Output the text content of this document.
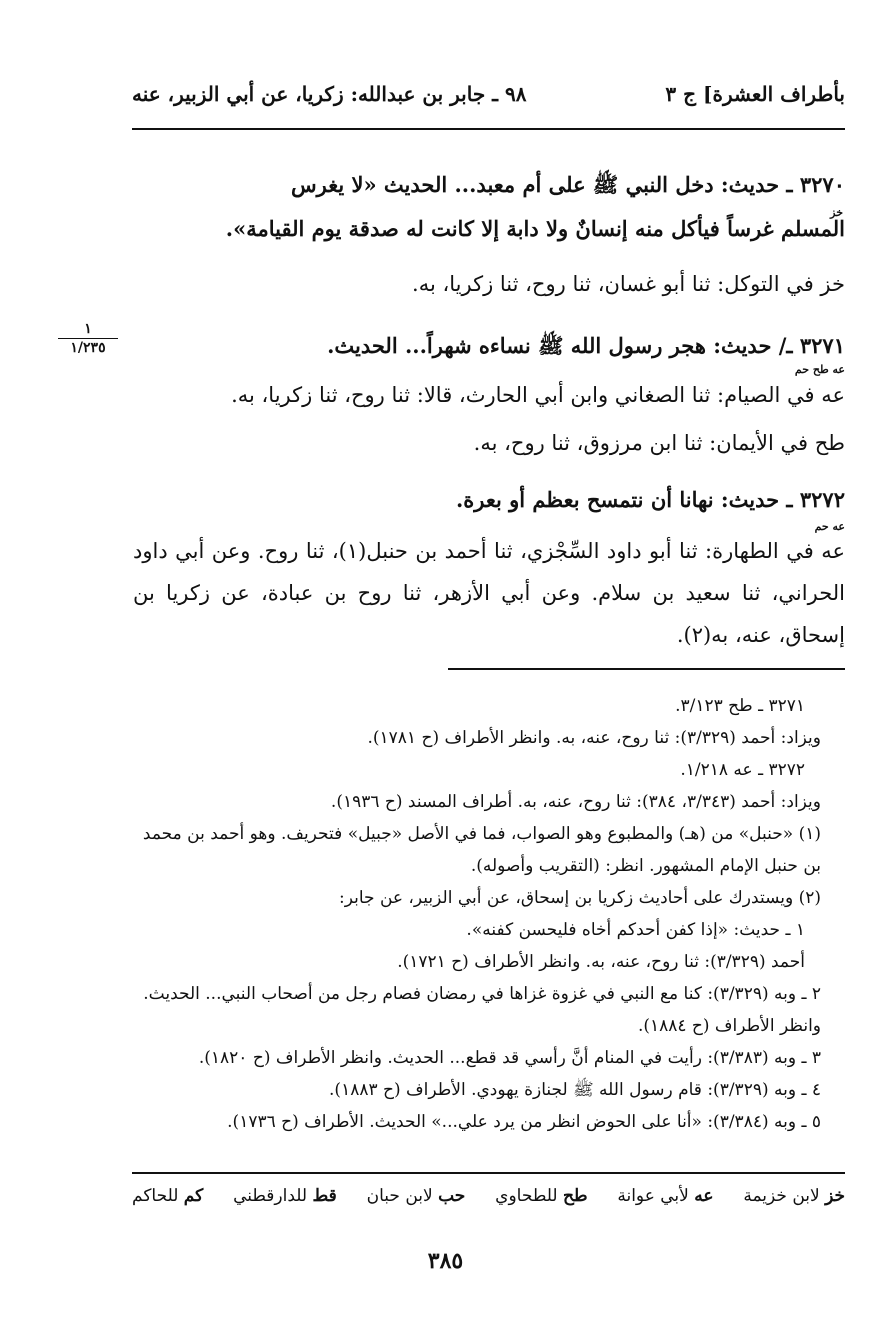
بأطراف العشرة] ج ٣
٩٨ ـ جابر بن عبدالله: زكريا، عن أبي الزبير، عنه
٣٢٧٠ ـ حديث: دخل النبي ﷺ على أم معبد... الحديث «لا يغرس
المسلم غرساً فيأكل منه إنسانٌ ولا دابة إلا كانت له صدقة يوم القيامة».
خز
خز في التوكل: ثنا أبو غسان، ثنا روح، ثنا زكريا، به.
١
١/٢٣٥	٣٢٧١ ـ/ حديث: هجر رسول الله ﷺ نساءه شهراً... الحديث.
عه طح حم
عه في الصيام: ثنا الصغاني وابن أبي الحارث، قالا: ثنا روح، ثنا زكريا، به.
طح في الأيمان: ثنا ابن مرزوق، ثنا روح، به.
٣٢٧٢ ـ حديث: نهانا أن نتمسح بعظم أو بعرة.
عه حم
عه في الطهارة: ثنا أبو داود السِّجْزي، ثنا أحمد بن حنبل(١)، ثنا روح. وعن أبي داود الحراني، ثنا سعيد بن سلام. وعن أبي الأزهر، ثنا روح بن عبادة، عن زكريا بن إسحاق، عنه، به(٢).

٣٢٧١ ـ طح ٣/١٢٣.

ويزاد: أحمد (٣/٣٢٩): ثنا روح، عنه، به. وانظر الأطراف (ح ١٧٨١).

٣٢٧٢ ـ عه ١/٢١٨.

ويزاد: أحمد (٣/٣٤٣، ٣٨٤): ثنا روح، عنه، به. أطراف المسند (ح ١٩٣٦).

(١) «حنبل» من (هـ) والمطبوع وهو الصواب، فما في الأصل «جبيل» فتحريف. وهو أحمد بن محمد بن حنبل الإمام المشهور. انظر: (التقريب وأصوله).

(٢) ويستدرك على أحاديث زكريا بن إسحاق، عن أبي الزبير، عن جابر:

١ ـ حديث: «إذا كفن أحدكم أخاه فليحسن كفنه».

أحمد (٣/٣٢٩): ثنا روح، عنه، به. وانظر الأطراف (ح ١٧٢١).

٢ ـ وبه (٣/٣٢٩): كنا مع النبي في غزوة غزاها في رمضان فصام رجل من أصحاب النبي... الحديث. وانظر الأطراف (ح ١٨٨٤).

٣ ـ وبه (٣/٣٨٣): رأيت في المنام أنَّ رأسي قد قطع... الحديث. وانظر الأطراف (ح ١٨٢٠).

٤ ـ وبه (٣/٣٢٩): قام رسول الله ﷺ لجنازة يهودي. الأطراف (ح ١٨٨٣).

٥ ـ وبه (٣/٣٨٤): «أنا على الحوض انظر من يرد علي...» الحديث. الأطراف (ح ١٧٣٦).

خز لابن خزيمة
عه لأبي عوانة
طح للطحاوي
حب لابن حبان
قط للدارقطني
كم للحاكم
٣٨٥
